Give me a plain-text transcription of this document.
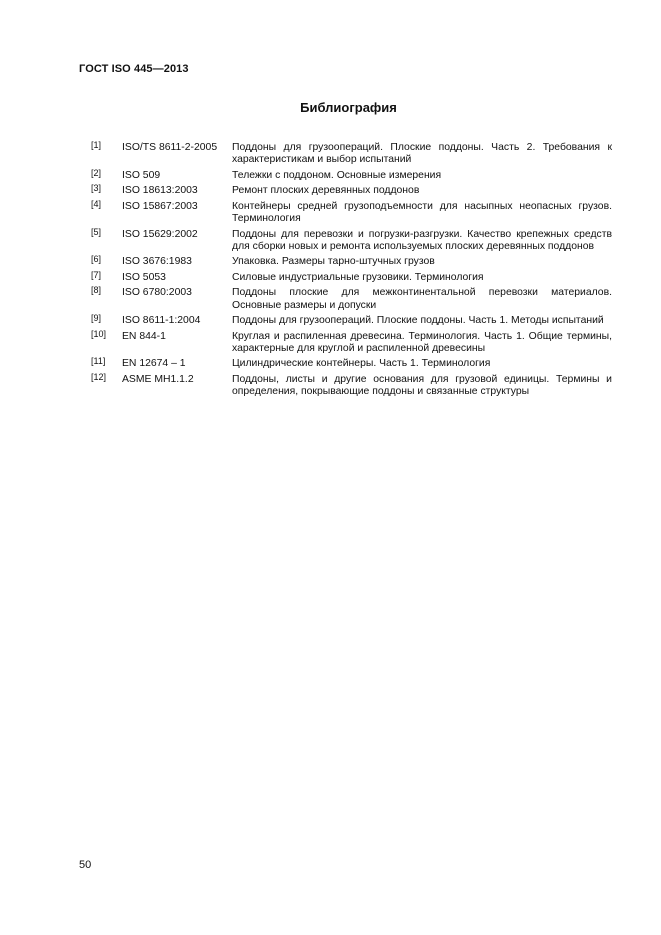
ГОСТ ISO 445—2013
Библиография
[1]	ISO/TS 8611-2-2005	Поддоны для грузоопераций. Плоские поддоны. Часть 2. Требования к характеристикам и выбор испытаний
[2]	ISO 509	Тележки с поддоном. Основные измерения
[3]	ISO 18613:2003	Ремонт плоских деревянных поддонов
[4]	ISO 15867:2003	Контейнеры средней грузоподъемности для насыпных неопасных грузов. Терминология
[5]	ISO 15629:2002	Поддоны для перевозки и погрузки-разгрузки. Качество крепежных средств для сборки новых и ремонта используемых плоских деревянных поддонов
[6]	ISO 3676:1983	Упаковка. Размеры тарно-штучных грузов
[7]	ISO 5053	Силовые индустриальные грузовики. Терминология
[8]	ISO 6780:2003	Поддоны плоские для межконтинентальной перевозки материалов. Основные размеры и допуски
[9]	ISO 8611-1:2004	Поддоны для грузоопераций. Плоские поддоны. Часть 1. Методы испытаний
[10]	EN 844-1	Круглая и распиленная древесина. Терминология. Часть 1. Общие термины, характерные для круглой и распиленной древесины
[11]	EN 12674 – 1	Цилиндрические контейнеры. Часть 1. Терминология
[12]	ASME MH1.1.2	Поддоны, листы и другие основания для грузовой единицы. Термины и определения, покрывающие поддоны и связанные структуры
50
